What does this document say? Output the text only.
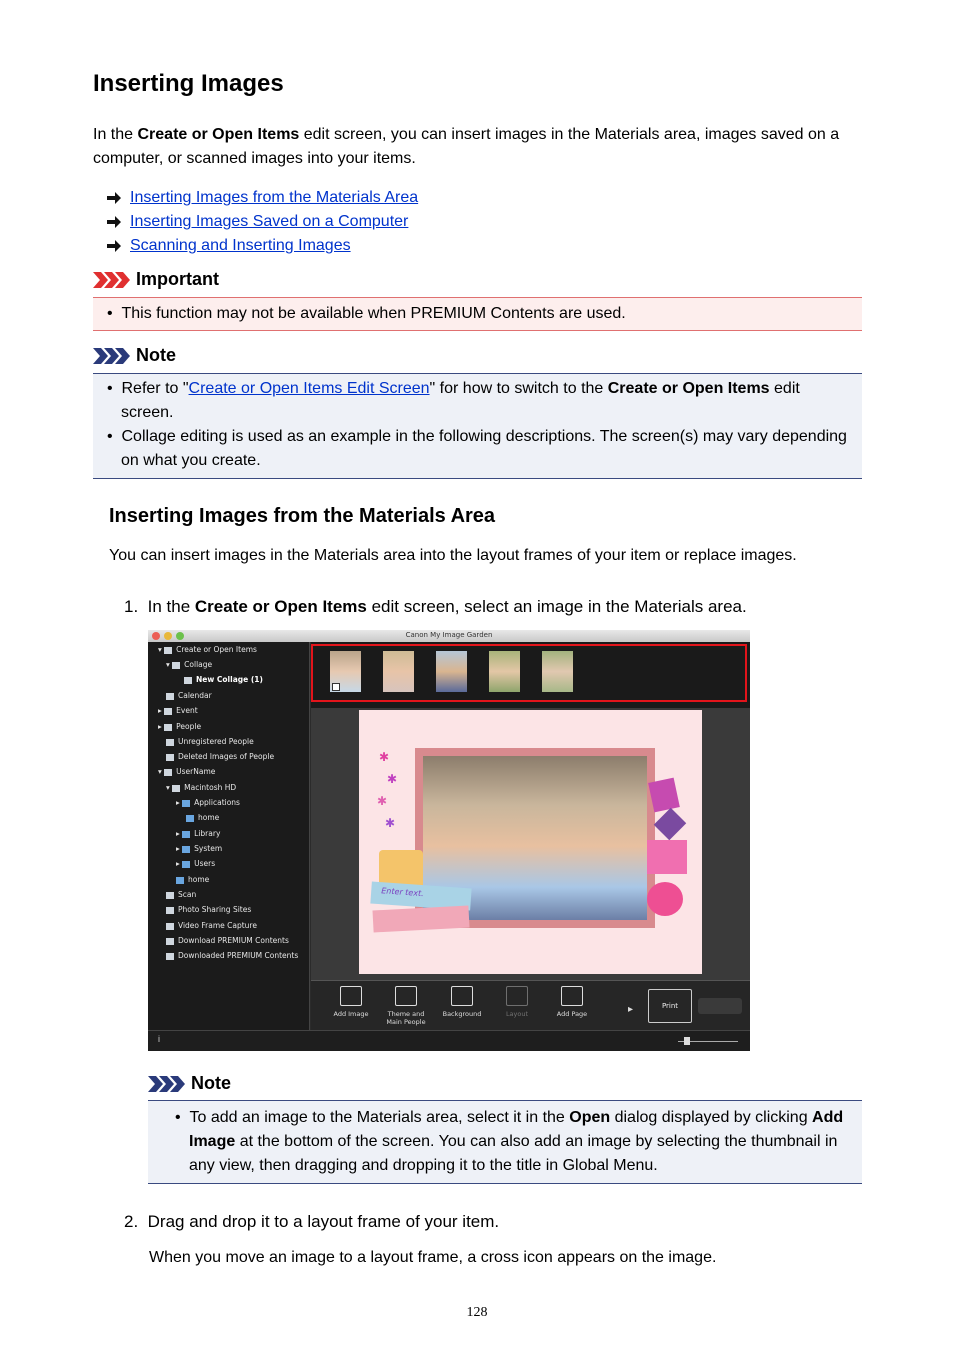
Inserting Images
In the Create or Open Items edit screen, you can insert images in the Materials area, images saved on a
computer, or scanned images into your items.
Inserting Images from the Materials Area
Inserting Images Saved on a Computer
Scanning and Inserting Images
Important
•  This function may not be available when PREMIUM Contents are used.
Note
•  Refer to "Create or Open Items Edit Screen" for how to switch to the Create or Open Items edit
screen.
•  Collage editing is used as an example in the following descriptions. The screen(s) may vary depending
on what you create.
Inserting Images from the Materials Area
You can insert images in the Materials area into the layout frames of your item or replace images.
1. In the Create or Open Items edit screen, select an image in the Materials area.
Canon My Image Garden
▾ Create or Open Items
▾ Collage
New Collage (1)
Calendar
▸ Event
▸ People
Unregistered People
Deleted Images of People
▾ UserName
▾ Macintosh HD
▸ Applications
home
▸ Library
▸ System
▸ Users
home
Scan
Photo Sharing Sites
Video Frame Capture
Download PREMIUM Contents
Downloaded PREMIUM Contents
✱
✱
✱
✱
Enter text.
Add Image	Theme and
Main People
Background	Layout	Add Page	▸	Print
i
Note
•  To add an image to the Materials area, select it in the Open dialog displayed by clicking Add
Image at the bottom of the screen. You can also add an image by selecting the thumbnail in
any view, then dragging and dropping it to the title in Global Menu.
2. Drag and drop it to a layout frame of your item.
When you move an image to a layout frame, a cross icon appears on the image.
128
